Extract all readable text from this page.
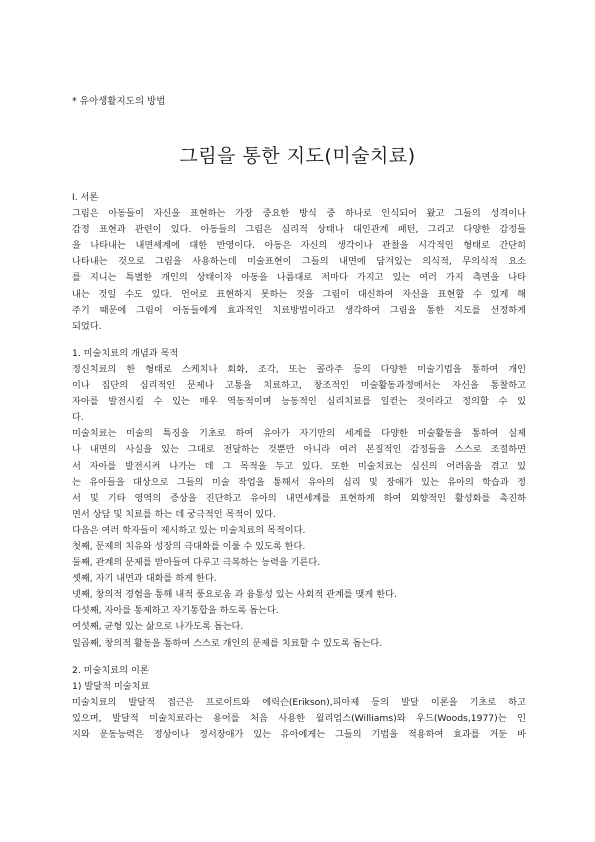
* 유아생활지도의 방법
그림을 통한 지도(미술치료)
Ⅰ. 서론
그림은 아동들이 자신을 표현하는 가장 중요한 방식 중 하나로 인식되어 왔고 그들의 성격이나
감정 표현과 관련이 있다. 아동들의 그림은 심리적 상태나 대인관계 패턴, 그리고 다양한 감정들
을 나타내는 내면세계에 대한 반영이다. 아동은 자신의 생각이나 관찰을 시각적인 형태로 간단히
나타내는 것으로 그림을 사용하는데 미술표현이 그들의 내면에 담겨있는 의식적, 무의식적 요소
를 지니는 특별한 개인의 상태이자 아동을 나름대로 저마다 가지고 있는 여러 가지 측면을 나타
내는 것일 수도 있다. 언어로 표현하지 못하는 것을 그림이 대신하여 자신을 표현할 수 있게 해
주기 때문에 그림이 아동들에게 효과적인 치료방법이라고 생각하여 그림을 통한 지도를 선정하게
되었다.
1. 미술치료의 개념과 목적
정신치료의 한 형태로 스케치나 회화, 조각, 또는 콜라주 등의 다양한 미술기법을 통하여 개인
이나 집단의 심리적인 문제나 고통을 치료하고, 창조적인 미술활동과정에서는 자신을 통찰하고
자아를 발전시킬 수 있는 매우 역동적이며 능동적인 심리치료를 일컫는 것이라고 정의할 수 있
다.
미술치료는 미술의 특징을 기초로 하여 유아가 자기만의 세계를 다양한 미술활동을 통하여 실제
나 내면의 사실을 있는 그대로 전달하는 것뿐만 아니라 여러 본질적인 감정들을 스스로 조절하면
서 자아를 발전시켜 나가는 데 그 목적을 두고 있다. 또한 미술치료는 심신의 어려움을 겪고 있
는 유아들을 대상으로 그들의 미술 작업을 통해서 유아의 심리 및 장애가 있는 유아의 학습과 정
서 및 기타 영역의 증상을 진단하고 유아의 내면세계를 표현하게 하여 외향적인 활성화를 촉진하
면서 상담 및 치료를 하는 데 궁극적인 목적이 있다.
다음은 여러 학자들이 제시하고 있는 미술치료의 목적이다.
첫째, 문제의 치유와 성장의 극대화를 이룰 수 있도록 한다.
둘째, 관계의 문제를 받아들여 다루고 극복하는 능력을 기른다.
셋째, 자기 내면과 대화를 하게 한다.
넷째, 창의적 경험을 통해 내적 풍요로움 과 융통성 있는 사회적 관계를 맺게 한다.
다섯째, 자아를 통제하고 자기통합을 하도록 돕는다.
여섯째, 균형 있는 삶으로 나가도록 돕는다.
일곱째, 창의적 활동을 통하여 스스로 개인의 문제를 치료할 수 있도록 돕는다.
2. 미술치료의 이론
1) 발달적 미술치료
미술치료의 발달적 접근은 프로이트와 에릭슨(Erikson),피아제 등의 발달 이론을 기초로 하고
있으며, 발달적 미술치료라는 용어를 처음 사용한 윌리엄스(Williams)와 우드(Woods,1977)는 인
지와 운동능력은 정상이나 정서장애가 있는 유아에게는 그들의 기법을 적용하여 효과를 거둔 바
